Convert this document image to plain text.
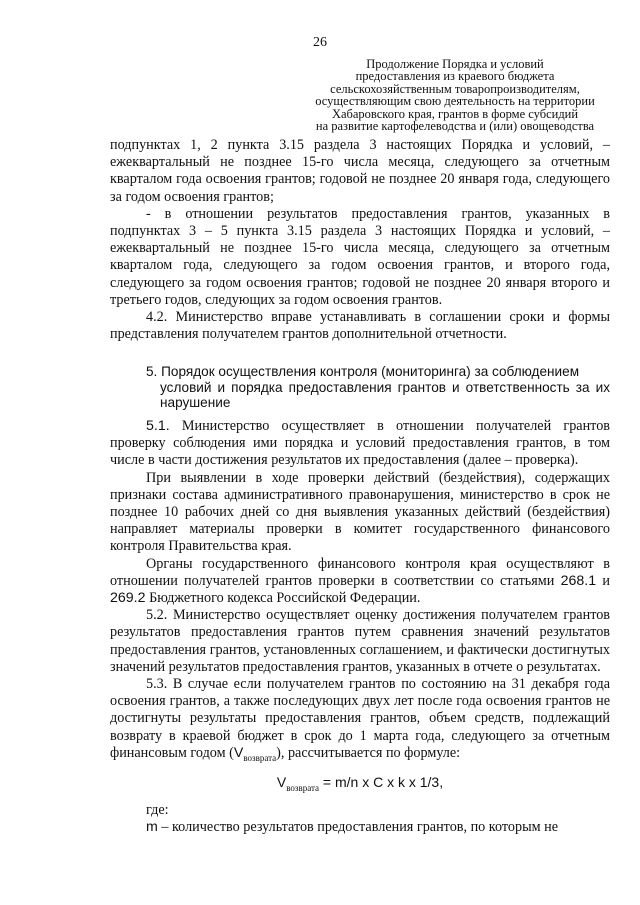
26
Продолжение Порядка и условий
предоставления из краевого бюджета
сельскохозяйственным товаропроизводителям,
осуществляющим свою деятельность на территории
Хабаровского края, грантов в форме субсидий
на развитие картофелеводства и (или) овощеводства

подпунктах 1, 2 пункта 3.15 раздела 3 настоящих Порядка и условий, – ежеквартальный не позднее 15-го числа месяца, следующего за отчетным кварталом года освоения грантов; годовой не позднее 20 января года, следующего за годом освоения грантов;

- в отношении результатов предоставления грантов, указанных в подпунктах 3 – 5 пункта 3.15 раздела 3 настоящих Порядка и условий, – ежеквартальный не позднее 15-го числа месяца, следующего за отчетным кварталом года, следующего за годом освоения грантов, и второго года, следующего за годом освоения грантов; годовой не позднее 20 января второго и третьего годов, следующих за годом освоения грантов.

4.2. Министерство вправе устанавливать в соглашении сроки и формы представления получателем грантов дополнительной отчетности.

5. Порядок осуществления контроля (мониторинга) за соблюдением
условий и порядка предоставления грантов и ответственность за их нарушение

5.1. Министерство осуществляет в отношении получателей грантов проверку соблюдения ими порядка и условий предоставления грантов, в том числе в части достижения результатов их предоставления (далее – проверка).

При выявлении в ходе проверки действий (бездействия), содержащих признаки состава административного правонарушения, министерство в срок не позднее 10 рабочих дней со дня выявления указанных действий (бездействия) направляет материалы проверки в комитет государственного финансового контроля Правительства края.

Органы государственного финансового контроля края осуществляют в отношении получателей грантов проверки в соответствии со статьями 268.1 и 269.2 Бюджетного кодекса Российской Федерации.

5.2. Министерство осуществляет оценку достижения получателем грантов результатов предоставления грантов путем сравнения значений результатов предоставления грантов, установленных соглашением, и фактически достигнутых значений результатов предоставления грантов, указанных в отчете о результатах.

5.3. В случае если получателем грантов по состоянию на 31 декабря года освоения грантов, а также последующих двух лет после года освоения грантов не достигнуты результаты предоставления грантов, объем средств, подлежащий возврату в краевой бюджет в срок до 1 марта года, следующего за отчетным финансовым годом $(V_{возврата})$, рассчитывается по формуле:

$V_{возврата} = m/n$ x C x k x 1/3,

где:

m – количество результатов предоставления грантов, по которым не
